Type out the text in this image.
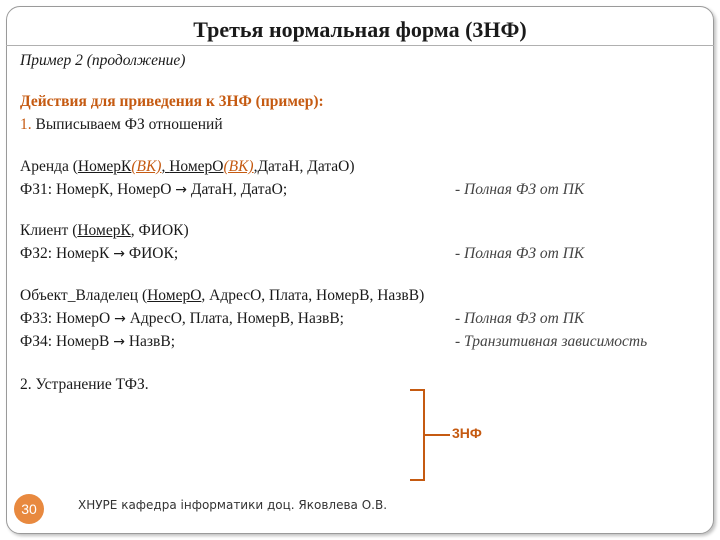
Третья нормальная форма (3НФ)
Пример 2 (продолжение)
Действия для приведения к 3НФ (пример):
1. Выписываем ФЗ отношений
Аренда (НомерК(ВК), НомерО(ВК),ДатаН, ДатаО)
ФЗ1: НомерК, НомерО → ДатаН, ДатаО;	- Полная ФЗ от ПК
Клиент (НомерК, ФИОК)
ФЗ2: НомерК → ФИОК;	- Полная ФЗ от ПК
Объект_Владелец (НомерО, АдресО, Плата, НомерВ, НазвВ)
ФЗ3: НомерО → АдресО, Плата, НомерВ, НазвВ;	- Полная ФЗ от ПК
ФЗ4: НомерВ → НазвВ;	- Транзитивная зависимость
2. Устранение ТФЗ.
3НФ
30	ХНУРЕ кафедра інформатики доц. Яковлева О.В.
